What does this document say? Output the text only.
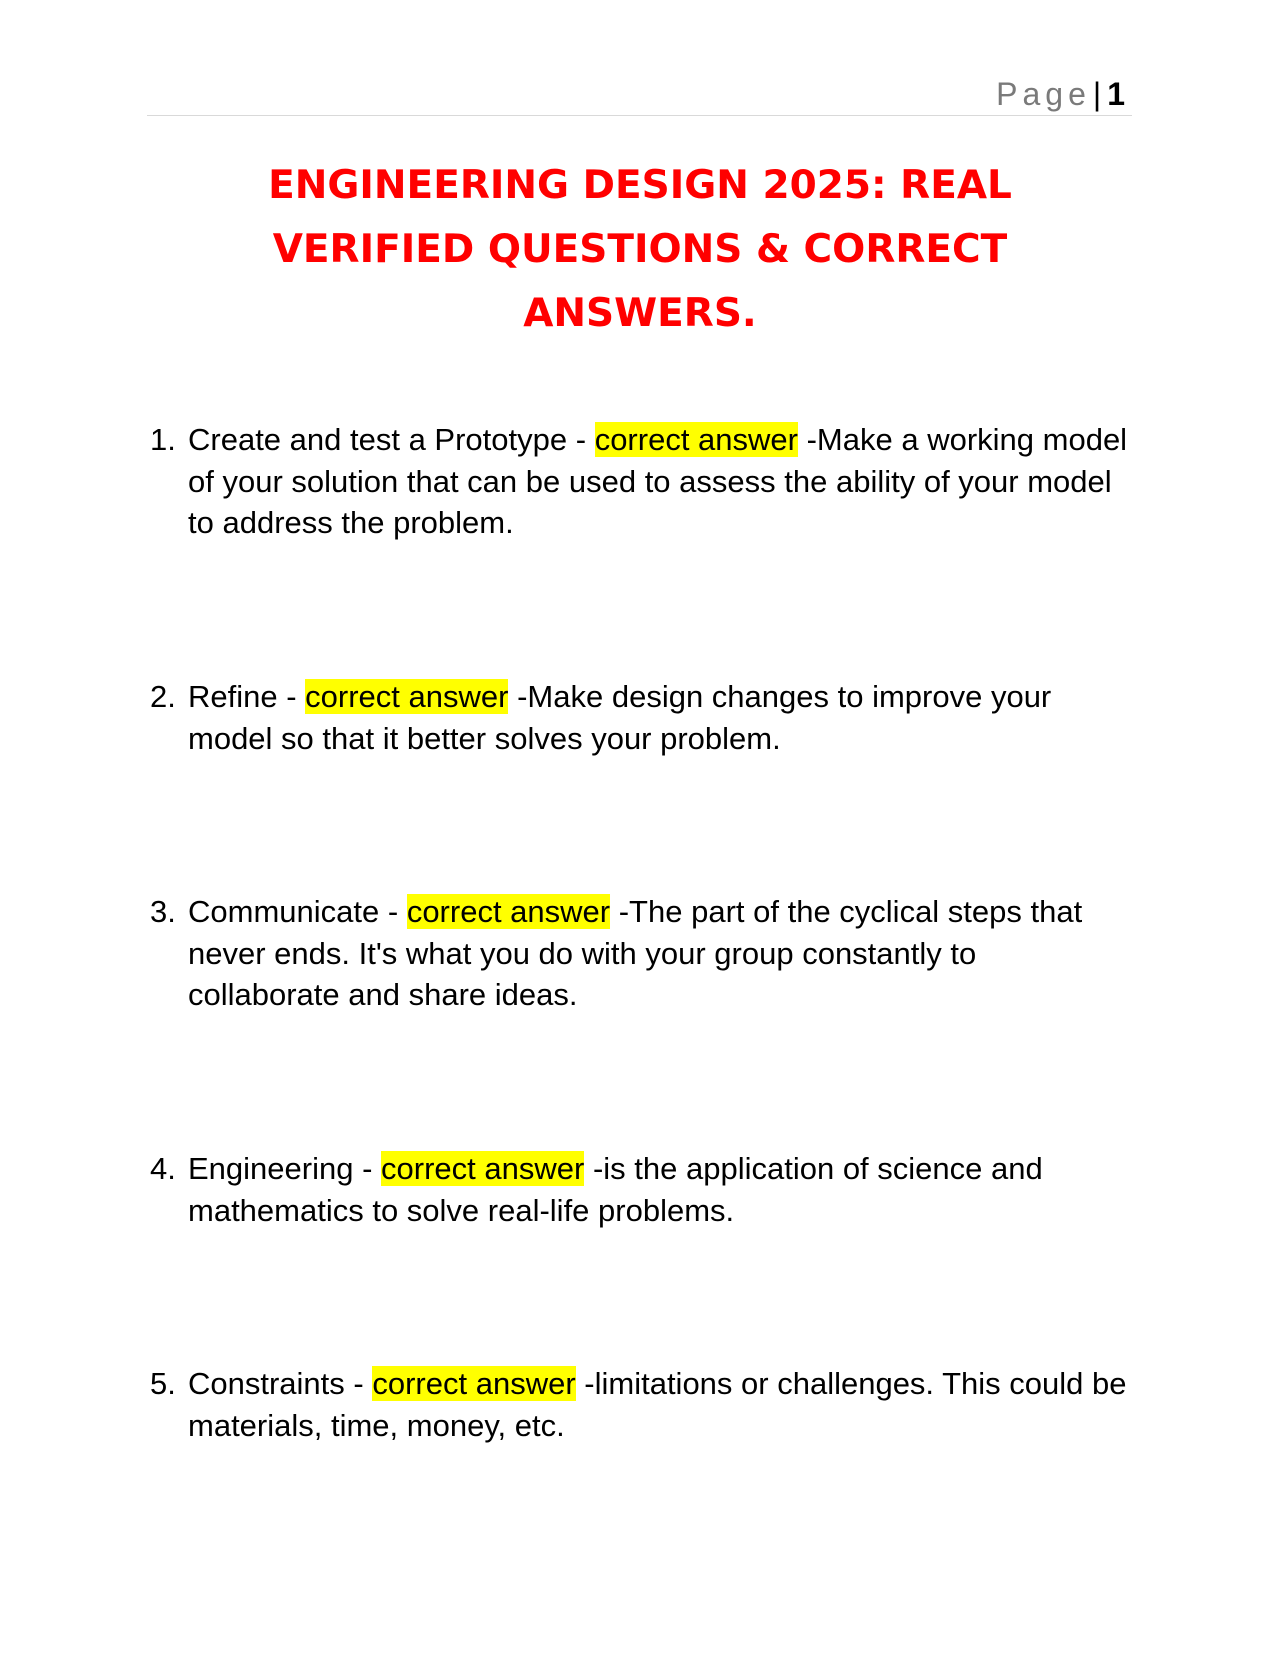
Page| 1
ENGINEERING DESIGN 2025: REAL VERIFIED QUESTIONS & CORRECT ANSWERS.
1. Create and test a Prototype - correct answer -Make a working model of your solution that can be used to assess the ability of your model to address the problem.
2. Refine - correct answer -Make design changes to improve your model so that it better solves your problem.
3. Communicate - correct answer -The part of the cyclical steps that never ends. It's what you do with your group constantly to collaborate and share ideas.
4. Engineering - correct answer -is the application of science and mathematics to solve real-life problems.
5. Constraints - correct answer -limitations or challenges. This could be materials, time, money, etc.
